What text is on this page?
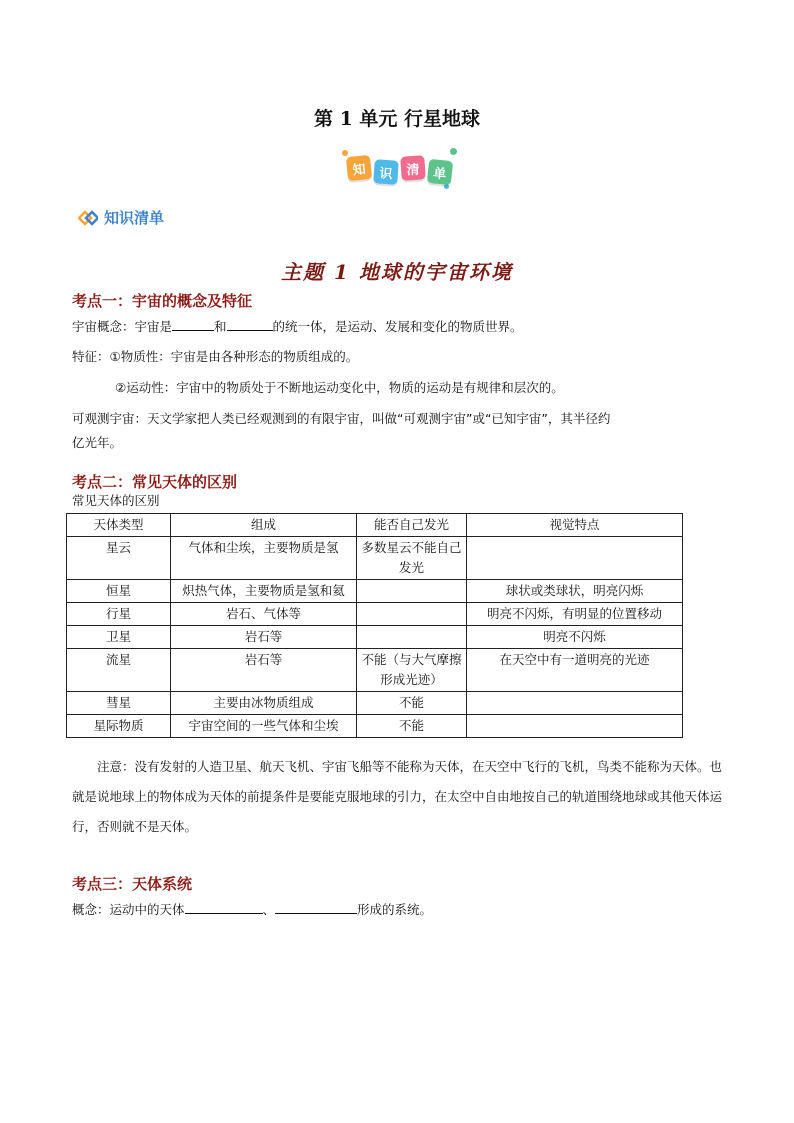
第 1 单元 行星地球
知 识	清 单
知识清单
主题 1 地球的宇宙环境
考点一：宇宙的概念及特征
宇宙概念：宇宙是	和	的统一体，是运动、发展和变化的物质世界。
特征：①物质性：宇宙是由各种形态的物质组成的。
②运动性：宇宙中的物质处于不断地运动变化中，物质的运动是有规律和层次的。
可观测宇宙：天文学家把人类已经观测到的有限宇宙，叫做“可观测宇宙”或“已知宇宙”，其半径约
亿光年。
考点二：常见天体的区别
常见天体的区别
天体类型	组成	能否自己发光	视觉特点
星云	气体和尘埃，主要物质是氢	多数星云不能自己发光	
恒星	炽热气体，主要物质是氢和氦		球状或类球状，明亮闪烁
行星	岩石、气体等		明亮不闪烁，有明显的位置移动
卫星	岩石等		明亮不闪烁
流星	岩石等	不能（与大气摩擦形成光迹）	在天空中有一道明亮的光迹
彗星	主要由冰物质组成	不能	
星际物质	宇宙空间的一些气体和尘埃	不能	
注意：没有发射的人造卫星、航天飞机、宇宙飞船等不能称为天体，在天空中飞行的飞机，鸟类不能称为天体。也就是说地球上的物体成为天体的前提条件是要能克服地球的引力，在太空中自由地按自己的轨道围绕地球或其他天体运行，否则就不是天体。
考点三：天体系统
概念：运动中的天体	、	形成的系统。
